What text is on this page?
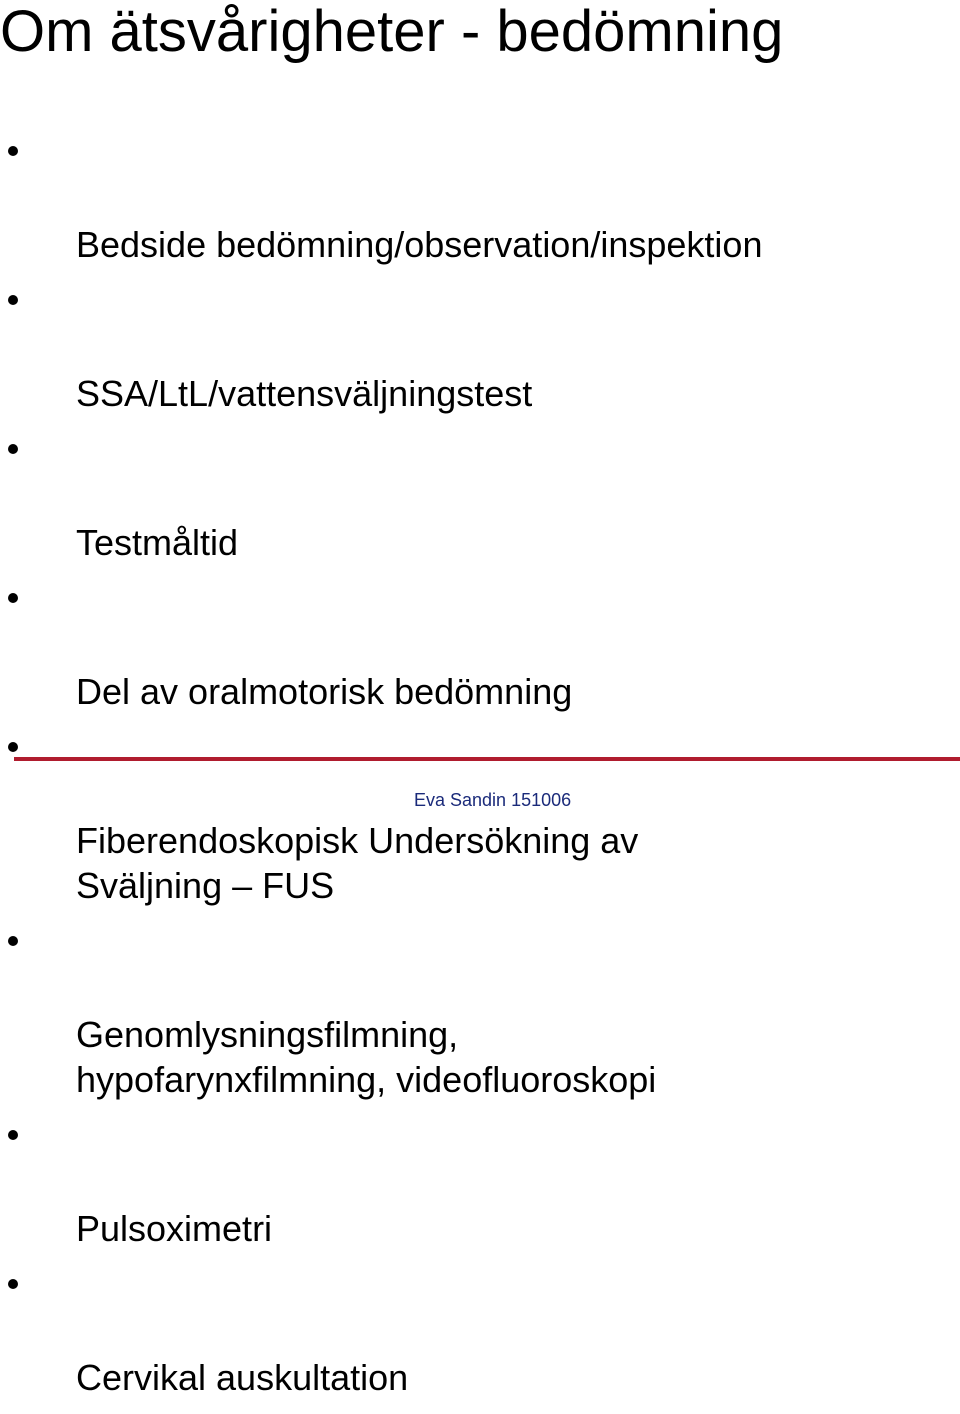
Om ätsvårigheter - bedömning

Bedside bedömning/observation/inspektion

SSA/LtL/vattensväljningstest

Testmåltid

Del av oralmotorisk bedömning

Fiberendoskopisk Undersökning av
Sväljning – FUS

Genomlysningsfilmning,
hypofarynxfilmning, videofluoroskopi

Pulsoximetri

Cervikal auskultation

Eva Sandin 151006
